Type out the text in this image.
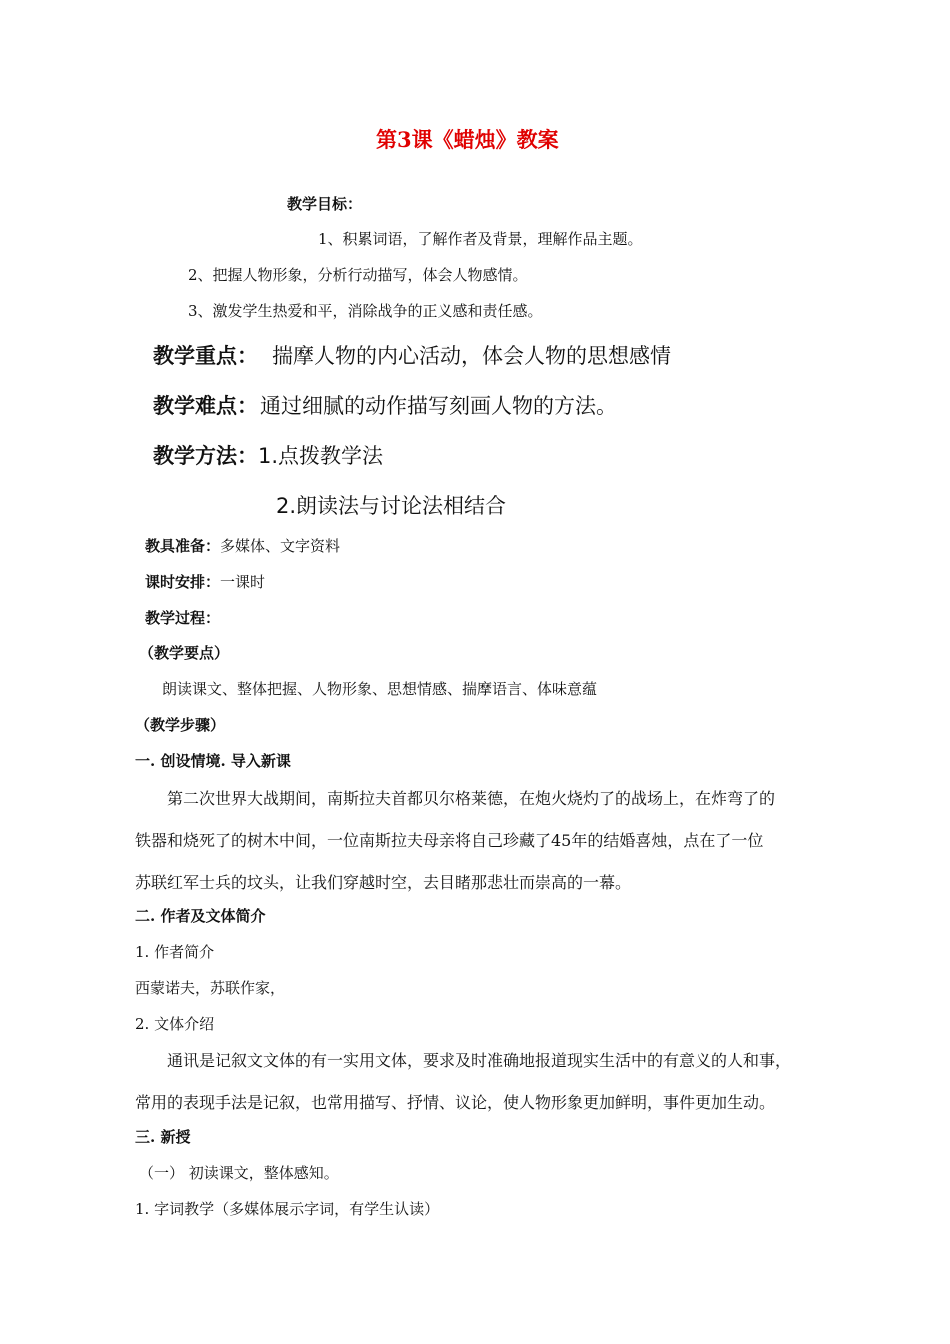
第3课《蜡烛》教案
教学目标：
1、积累词语，了解作者及背景，理解作品主题。
2、把握人物形象，分析行动描写，体会人物感情。
3、激发学生热爱和平，消除战争的正义感和责任感。
教学重点： 揣摩人物的内心活动，体会人物的思想感情
教学难点：通过细腻的动作描写刻画人物的方法。
教学方法：1.点拨教学法
2.朗读法与讨论法相结合
教具准备：多媒体、文字资料
课时安排：一课时
教学过程：
（教学要点）
朗读课文、整体把握、人物形象、思想情感、揣摩语言、体味意蕴
（教学步骤）
一. 创设情境. 导入新课
第二次世界大战期间，南斯拉夫首都贝尔格莱德，在炮火烧灼了的战场上，在炸弯了的
铁器和烧死了的树木中间，一位南斯拉夫母亲将自己珍藏了45年的结婚喜烛，点在了一位
苏联红军士兵的坟头，让我们穿越时空，去目睹那悲壮而崇高的一幕。
二. 作者及文体简介
1. 作者简介
西蒙诺夫，苏联作家，
2. 文体介绍
通讯是记叙文文体的有一实用文体，要求及时准确地报道现实生活中的有意义的人和事，
常用的表现手法是记叙，也常用描写、抒情、议论，使人物形象更加鲜明，事件更加生动。
三. 新授
（一） 初读课文，整体感知。
1. 字词教学（多媒体展示字词，有学生认读）
